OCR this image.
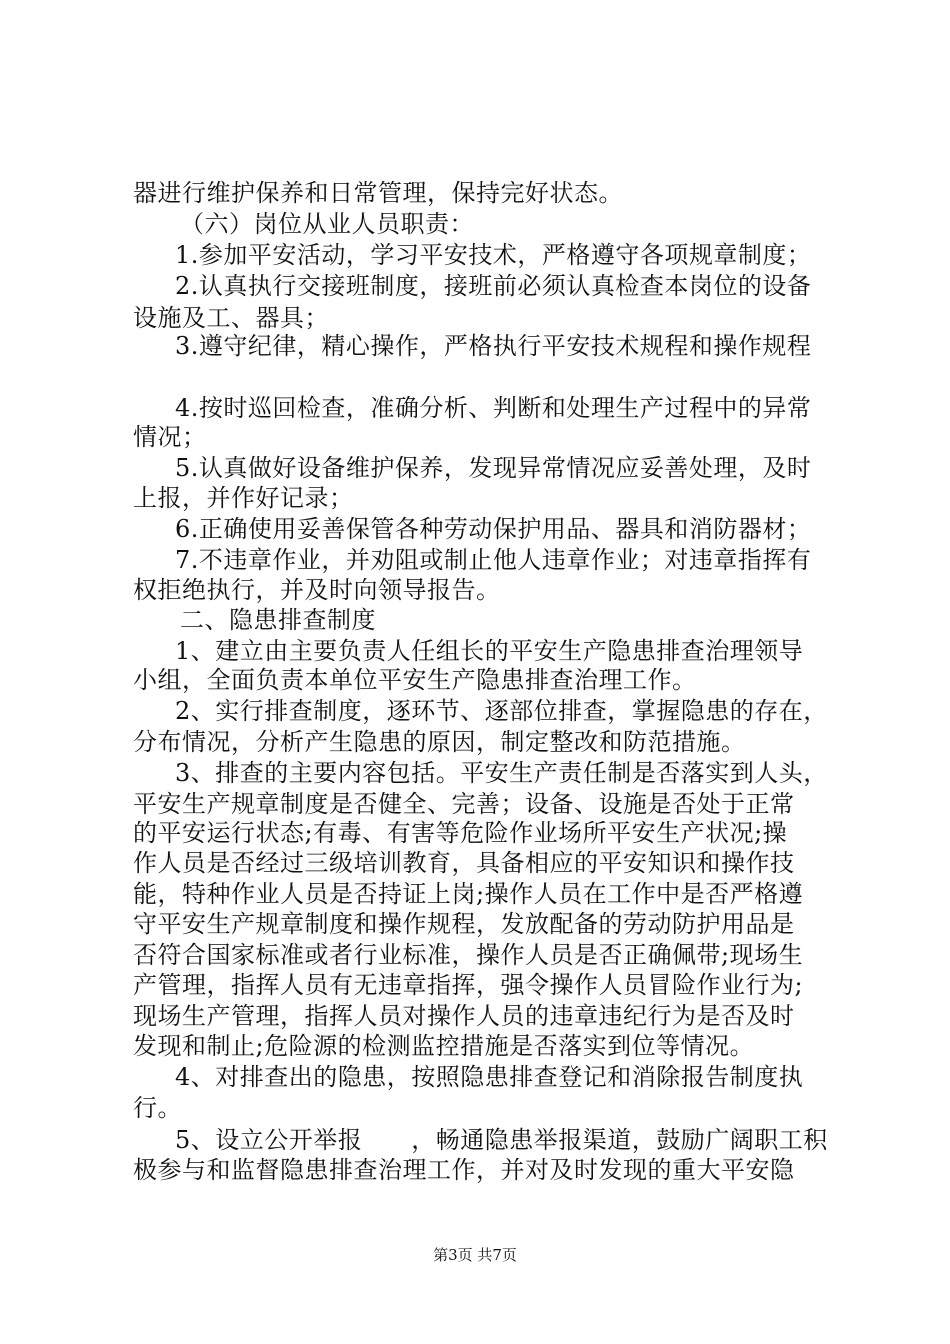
器进行维护保养和日常管理，保持完好状态。
（六）岗位从业人员职责：
1.参加平安活动，学习平安技术，严格遵守各项规章制度；
2.认真执行交接班制度，接班前必须认真检查本岗位的设备
设施及工、器具；
3.遵守纪律，精心操作，严格执行平安技术规程和操作规程
4.按时巡回检查，准确分析、判断和处理生产过程中的异常
情况；
5.认真做好设备维护保养，发现异常情况应妥善处理，及时
上报，并作好记录；
6.正确使用妥善保管各种劳动保护用品、器具和消防器材；
7.不违章作业，并劝阻或制止他人违章作业；对违章指挥有
权拒绝执行，并及时向领导报告。
二、隐患排查制度
1、建立由主要负责人任组长的平安生产隐患排查治理领导
小组，全面负责本单位平安生产隐患排查治理工作。
2、实行排查制度，逐环节、逐部位排查，掌握隐患的存在，
分布情况，分析产生隐患的原因，制定整改和防范措施。
3、排查的主要内容包括。平安生产责任制是否落实到人头，
平安生产规章制度是否健全、完善；设备、设施是否处于正常
的平安运行状态;有毒、有害等危险作业场所平安生产状况;操
作人员是否经过三级培训教育，具备相应的平安知识和操作技
能，特种作业人员是否持证上岗;操作人员在工作中是否严格遵
守平安生产规章制度和操作规程，发放配备的劳动防护用品是
否符合国家标准或者行业标准，操作人员是否正确佩带;现场生
产管理，指挥人员有无违章指挥，强令操作人员冒险作业行为;
现场生产管理，指挥人员对操作人员的违章违纪行为是否及时
发现和制止;危险源的检测监控措施是否落实到位等情况。
4、对排查出的隐患，按照隐患排查登记和消除报告制度执
行。
5、设立公开举报　　，畅通隐患举报渠道，鼓励广阔职工积
极参与和监督隐患排查治理工作，并对及时发现的重大平安隐
第3页 共7页
